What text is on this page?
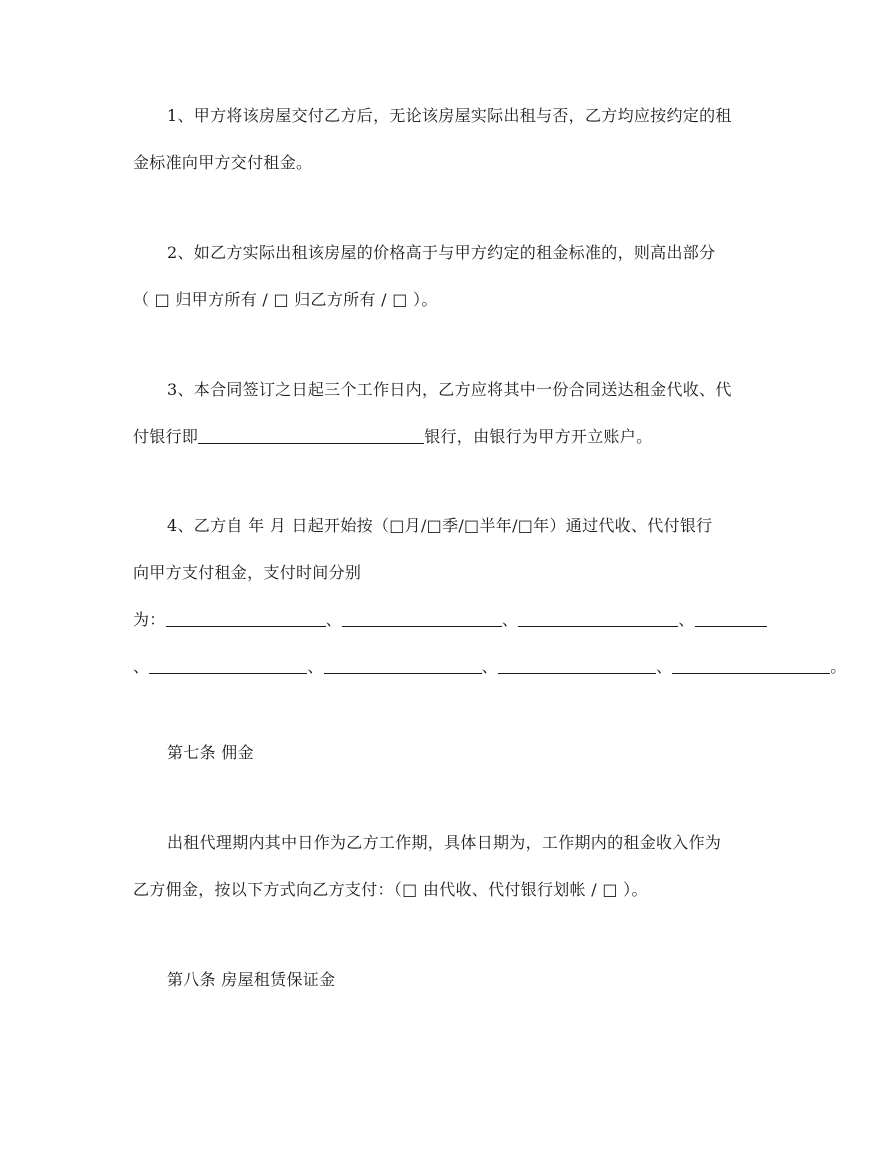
1、甲方将该房屋交付乙方后，无论该房屋实际出租与否，乙方均应按约定的租
金标准向甲方交付租金。
2、如乙方实际出租该房屋的价格高于与甲方约定的租金标准的，则高出部分
（ □ 归甲方所有 / □ 归乙方所有 / □ ）。
3、本合同签订之日起三个工作日内，乙方应将其中一份合同送达租金代收、代
付银行即	银行，由银行为甲方开立账户。
4、乙方自 年 月 日起开始按（□月/□季/□半年/□年）通过代收、代付银行
向甲方支付租金，支付时间分别
为：	、	、	、
、	、	、	、	。
第七条 佣金
出租代理期内其中日作为乙方工作期，具体日期为，工作期内的租金收入作为
乙方佣金，按以下方式向乙方支付：（□ 由代收、代付银行划帐 / □ ）。
第八条 房屋租赁保证金
